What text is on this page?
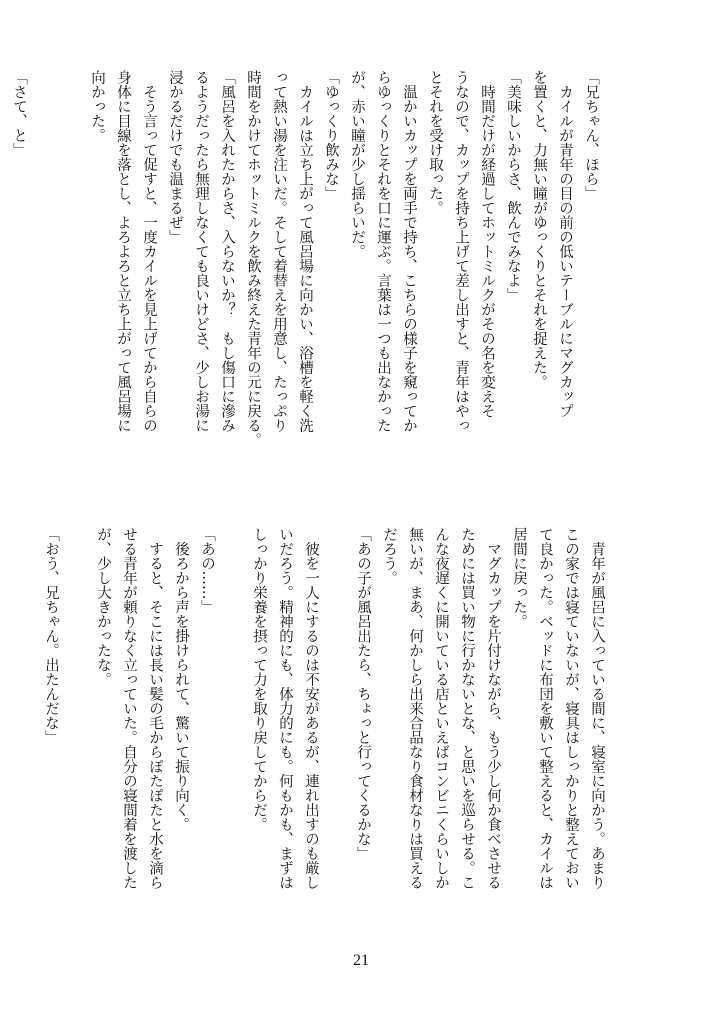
「兄ちゃん、ほら」
　カイルが青年の目の前の低いテーブルにマグカップ
を置くと、力無い瞳がゆっくりとそれを捉えた。
「美味しいからさ、飲んでみなよ」
　時間だけが経過してホットミルクがその名を変えそ
うなので、カップを持ち上げて差し出すと、青年はやっ
とそれを受け取った。
　温かいカップを両手で持ち、こちらの様子を窺ってか
らゆっくりとそれを口に運ぶ。言葉は一つも出なかった
が、赤い瞳が少し揺らいだ。
「ゆっくり飲みな」
　カイルは立ち上がって風呂場に向かい、浴槽を軽く洗
って熱い湯を注いだ。そして着替えを用意し、たっぷり
時間をかけてホットミルクを飲み終えた青年の元に戻る。
「風呂を入れたからさ、入らないか？　もし傷口に滲み
るようだったら無理しなくても良いけどさ、少しお湯に
浸かるだけでも温まるぜ」
　そう言って促すと、一度カイルを見上げてから自らの
身体に目線を落とし、よろよろと立ち上がって風呂場に
向かった。

「さて、と」
　青年が風呂に入っている間に、寝室に向かう。あまり
この家では寝ていないが、寝具はしっかりと整えておい
て良かった。ベッドに布団を敷いて整えると、カイルは
居間に戻った。
　マグカップを片付けながら、もう少し何か食べさせる
ためには買い物に行かないとな、と思いを巡らせる。こ
んな夜遅くに開いている店といえばコンビニくらいしか
無いが、まあ、何かしら出来合品なり食材なりは買える
だろう。
「あの子が風呂出たら、ちょっと行ってくるかな」

　彼を一人にするのは不安があるが、連れ出すのも厳し
いだろう。精神的にも、体力的にも。何もかも、まずは
しっかり栄養を摂って力を取り戻してからだ。

「あの……」
　後ろから声を掛けられて、驚いて振り向く。
　すると、そこには長い髪の毛からぽたぽたと水を滴ら
せる青年が頼りなく立っていた。自分の寝間着を渡した
が、少し大きかったな。

「おう、兄ちゃん。出たんだな」
21
